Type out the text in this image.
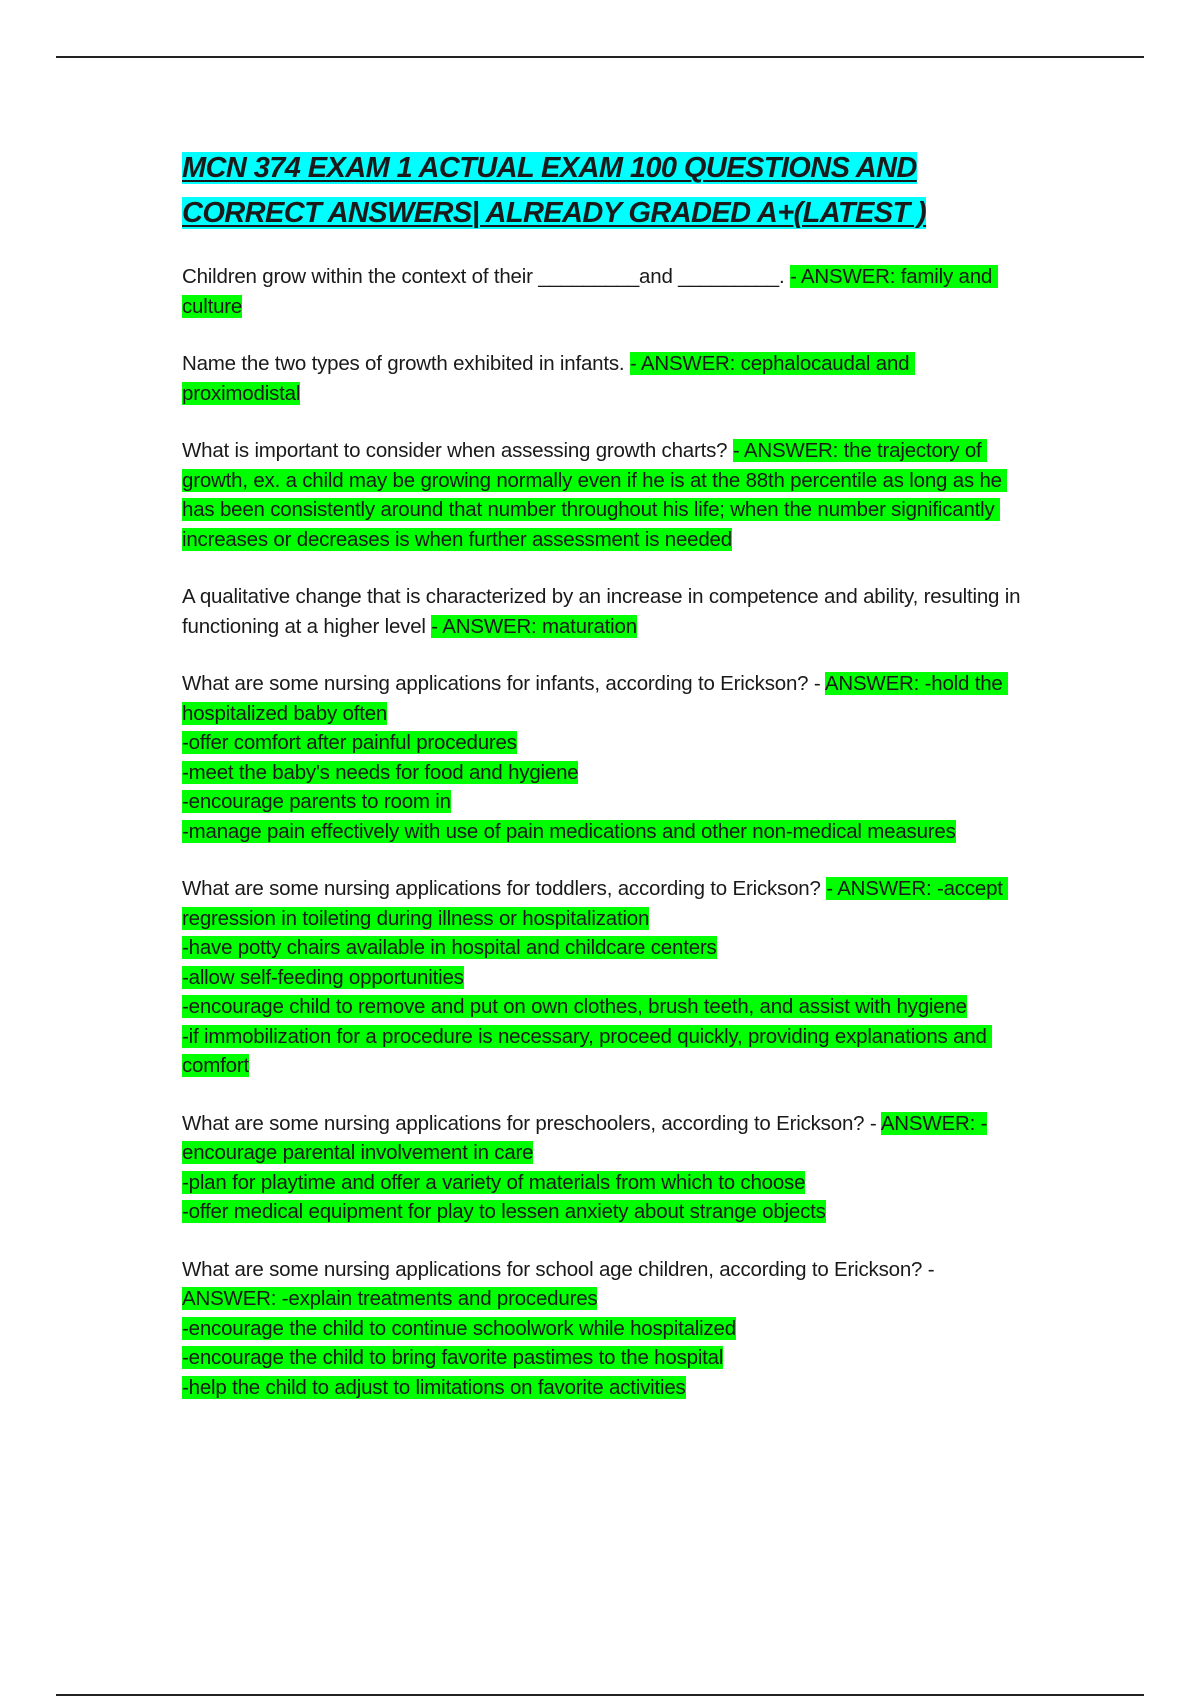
MCN 374 EXAM 1 ACTUAL EXAM 100 QUESTIONS AND CORRECT ANSWERS| ALREADY GRADED A+(LATEST )

Children grow within the context of their _________and _________. - ANSWER: family and culture

Name the two types of growth exhibited in infants. - ANSWER: cephalocaudal and proximodistal

What is important to consider when assessing growth charts? - ANSWER: the trajectory of growth, ex. a child may be growing normally even if he is at the 88th percentile as long as he has been consistently around that number throughout his life; when the number significantly increases or decreases is when further assessment is needed

A qualitative change that is characterized by an increase in competence and ability, resulting in functioning at a higher level - ANSWER: maturation

What are some nursing applications for infants, according to Erickson? - ANSWER: -hold the hospitalized baby often
-offer comfort after painful procedures
-meet the baby's needs for food and hygiene
-encourage parents to room in
-manage pain effectively with use of pain medications and other non-medical measures

What are some nursing applications for toddlers, according to Erickson? - ANSWER: -accept regression in toileting during illness or hospitalization
-have potty chairs available in hospital and childcare centers
-allow self-feeding opportunities
-encourage child to remove and put on own clothes, brush teeth, and assist with hygiene
-if immobilization for a procedure is necessary, proceed quickly, providing explanations and comfort

What are some nursing applications for preschoolers, according to Erickson? - ANSWER: -encourage parental involvement in care
-plan for playtime and offer a variety of materials from which to choose
-offer medical equipment for play to lessen anxiety about strange objects

What are some nursing applications for school age children, according to Erickson? - ANSWER: -explain treatments and procedures
-encourage the child to continue schoolwork while hospitalized
-encourage the child to bring favorite pastimes to the hospital
-help the child to adjust to limitations on favorite activities
